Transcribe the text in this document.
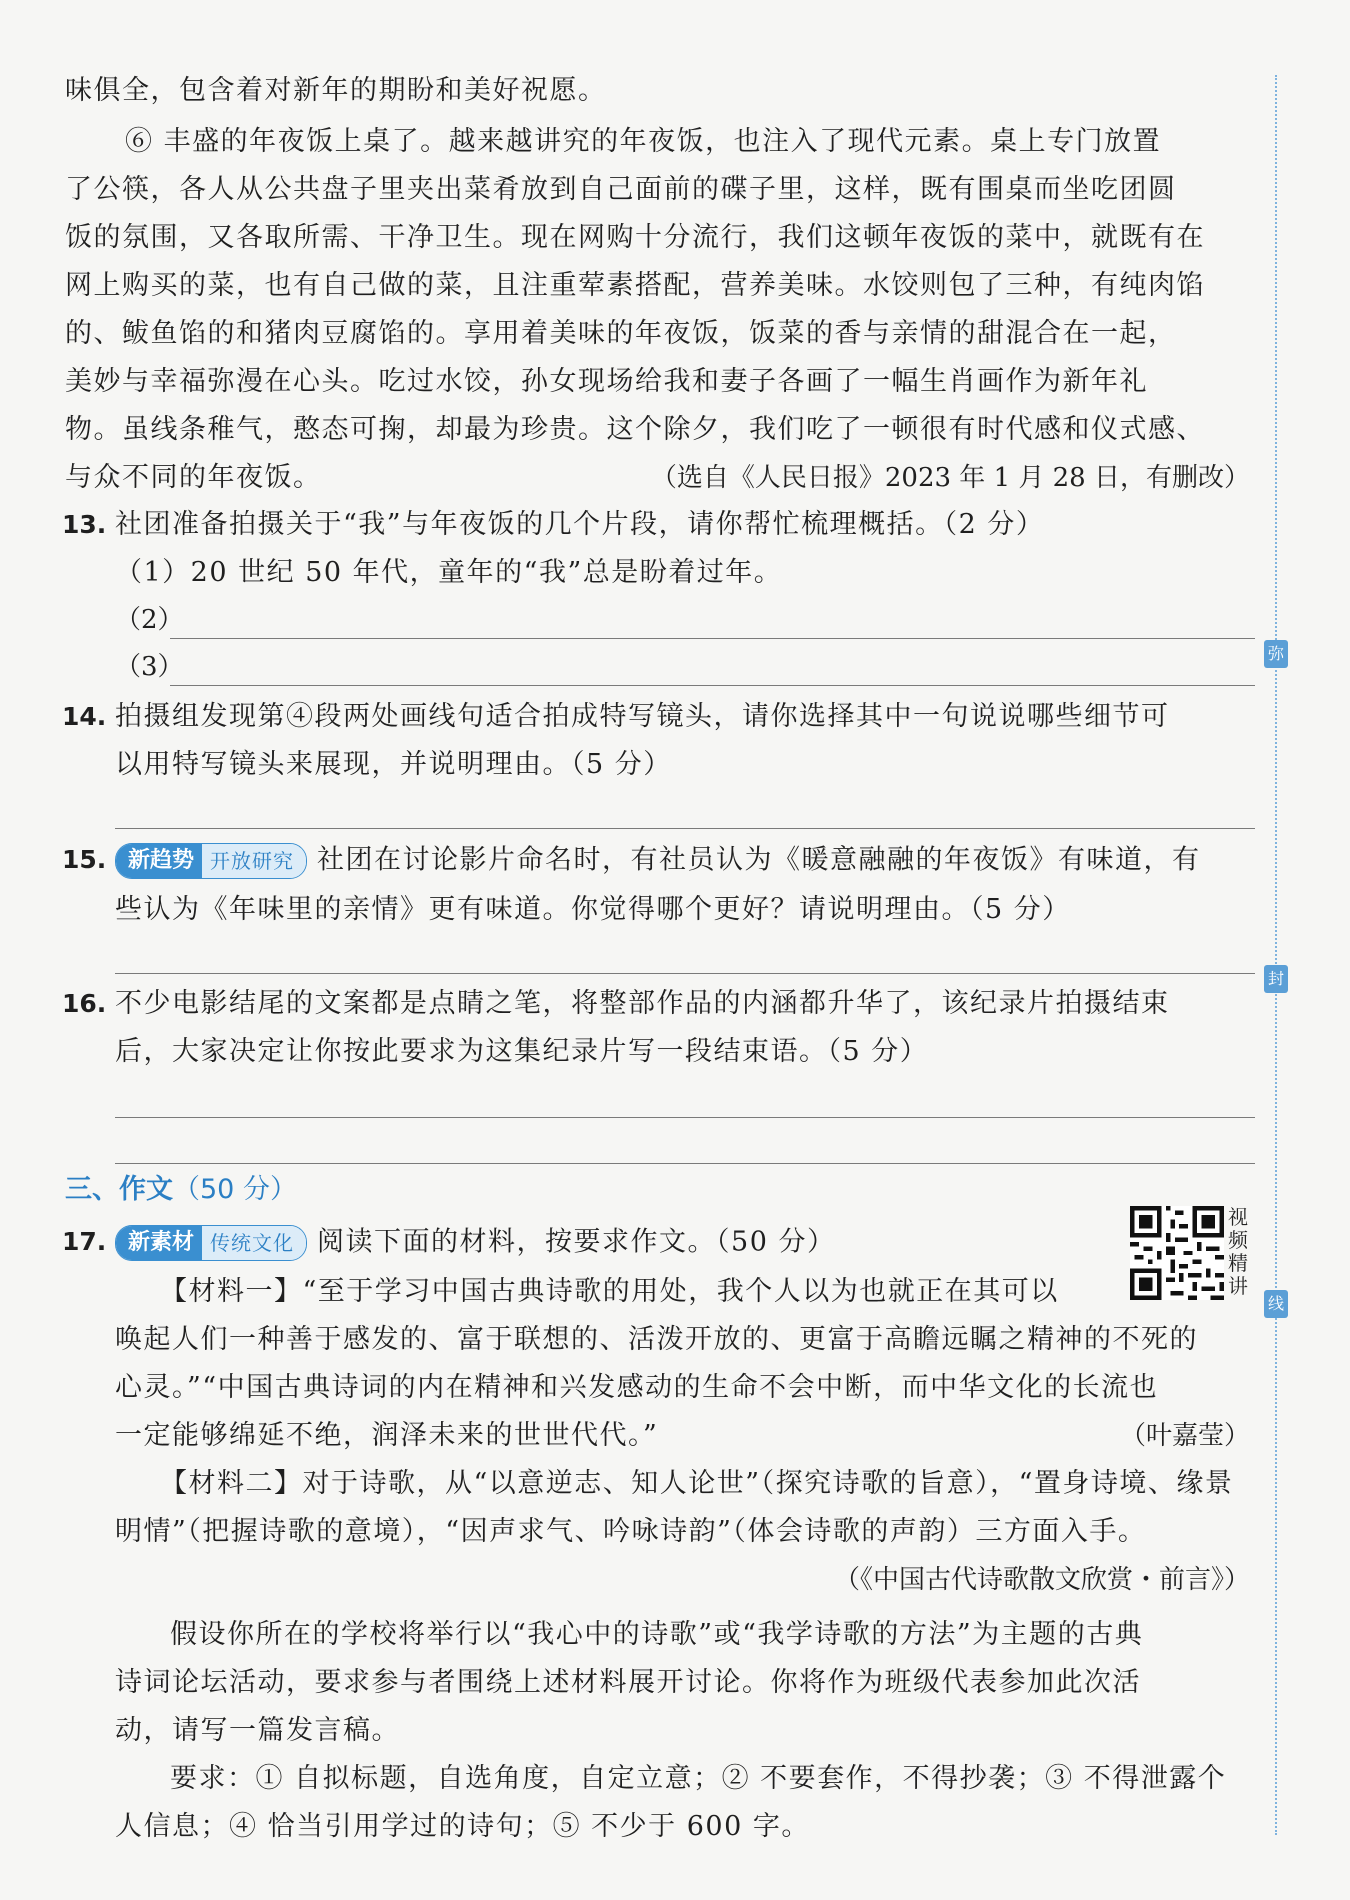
味俱全，包含着对新年的期盼和美好祝愿。
⑥ 丰盛的年夜饭上桌了。越来越讲究的年夜饭，也注入了现代元素。桌上专门放置
了公筷，各人从公共盘子里夹出菜肴放到自己面前的碟子里，这样，既有围桌而坐吃团圆
饭的氛围，又各取所需、干净卫生。现在网购十分流行，我们这顿年夜饭的菜中，就既有在
网上购买的菜，也有自己做的菜，且注重荤素搭配，营养美味。水饺则包了三种，有纯肉馅
的、鲅鱼馅的和猪肉豆腐馅的。享用着美味的年夜饭，饭菜的香与亲情的甜混合在一起，
美妙与幸福弥漫在心头。吃过水饺，孙女现场给我和妻子各画了一幅生肖画作为新年礼
物。虽线条稚气，憨态可掬，却最为珍贵。这个除夕，我们吃了一顿很有时代感和仪式感、
与众不同的年夜饭。	（选自《人民日报》2023 年 1 月 28 日，有删改）
13. 社团准备拍摄关于“我”与年夜饭的几个片段，请你帮忙梳理概括。（2 分）
（1）20 世纪 50 年代，童年的“我”总是盼着过年。
（2）
（3）
14. 拍摄组发现第④段两处画线句适合拍成特写镜头，请你选择其中一句说说哪些细节可
以用特写镜头来展现，并说明理由。（5 分）
15. 新趋势 开放研究 社团在讨论影片命名时，有社员认为《暖意融融的年夜饭》有味道，有
些认为《年味里的亲情》更有味道。你觉得哪个更好？请说明理由。（5 分）
16. 不少电影结尾的文案都是点睛之笔，将整部作品的内涵都升华了，该纪录片拍摄结束
后，大家决定让你按此要求为这集纪录片写一段结束语。（5 分）
三、作文（50 分）
17. 新素材 传统文化 阅读下面的材料，按要求作文。（50 分）
视频精讲
【材料一】“至于学习中国古典诗歌的用处，我个人以为也就正在其可以
唤起人们一种善于感发的、富于联想的、活泼开放的、更富于高瞻远瞩之精神的不死的
心灵。”“中国古典诗词的内在精神和兴发感动的生命不会中断，而中华文化的长流也
一定能够绵延不绝，润泽未来的世世代代。”	（叶嘉莹）
【材料二】对于诗歌，从“以意逆志、知人论世”（探究诗歌的旨意），“置身诗境、缘景
明情”（把握诗歌的意境），“因声求气、吟咏诗韵”（体会诗歌的声韵）三方面入手。
（《中国古代诗歌散文欣赏・前言》）
假设你所在的学校将举行以“我心中的诗歌”或“我学诗歌的方法”为主题的古典
诗词论坛活动，要求参与者围绕上述材料展开讨论。你将作为班级代表参加此次活
动，请写一篇发言稿。
要求：① 自拟标题，自选角度，自定立意；② 不要套作，不得抄袭；③ 不得泄露个
人信息；④ 恰当引用学过的诗句；⑤ 不少于 600 字。
弥
封
线
